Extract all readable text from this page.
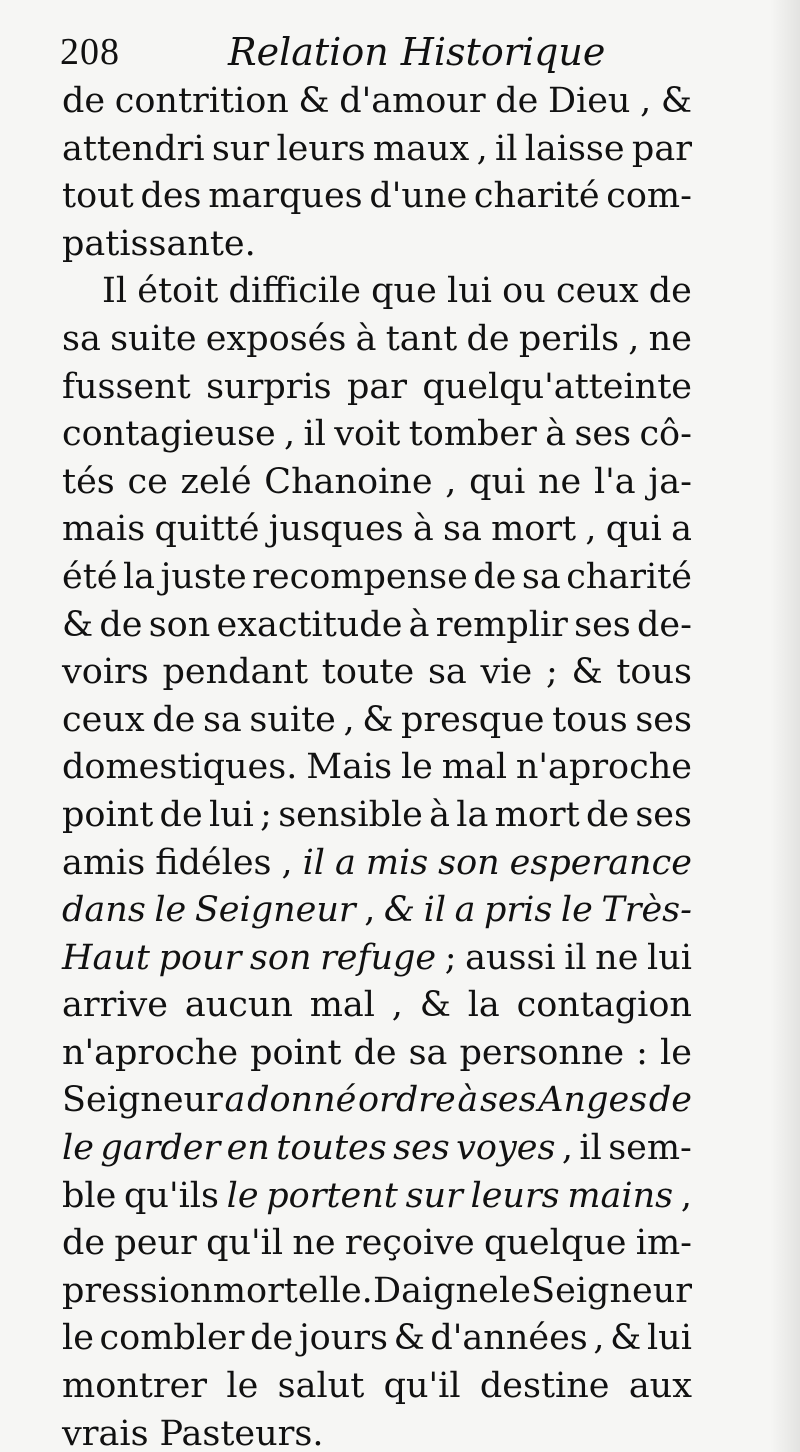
208	Relation Historique
de contrition & d'amour de Dieu , &
attendri sur leurs maux , il laisse par
tout des marques d'une charité com-
patissante.
Il étoit difficile que lui ou ceux de
sa suite exposés à tant de perils , ne
fussent surpris par quelqu'atteinte
contagieuse , il voit tomber à ses cô-
tés ce zelé Chanoine , qui ne l'a ja-
mais quitté jusques à sa mort , qui a
été la juste recompense de sa charité
& de son exactitude à remplir ses de-
voirs pendant toute sa vie ; & tous
ceux de sa suite , & presque tous ses
domestiques. Mais le mal n'aproche
point de lui ; sensible à la mort de ses
amis fidéles , il a mis son esperance
dans le Seigneur , & il a pris le Très-
Haut pour son refuge ; aussi il ne lui
arrive aucun mal , & la contagion
n'aproche point de sa personne : le
Seigneur a donné ordre à ses Anges de
le garder en toutes ses voyes , il sem-
ble qu'ils le portent sur leurs mains ,
de peur qu'il ne reçoive quelque im-
pression mortelle. Daigne le Seigneur
le combler de jours & d'années , & lui
montrer le salut qu'il destine aux
vrais Pasteurs.
